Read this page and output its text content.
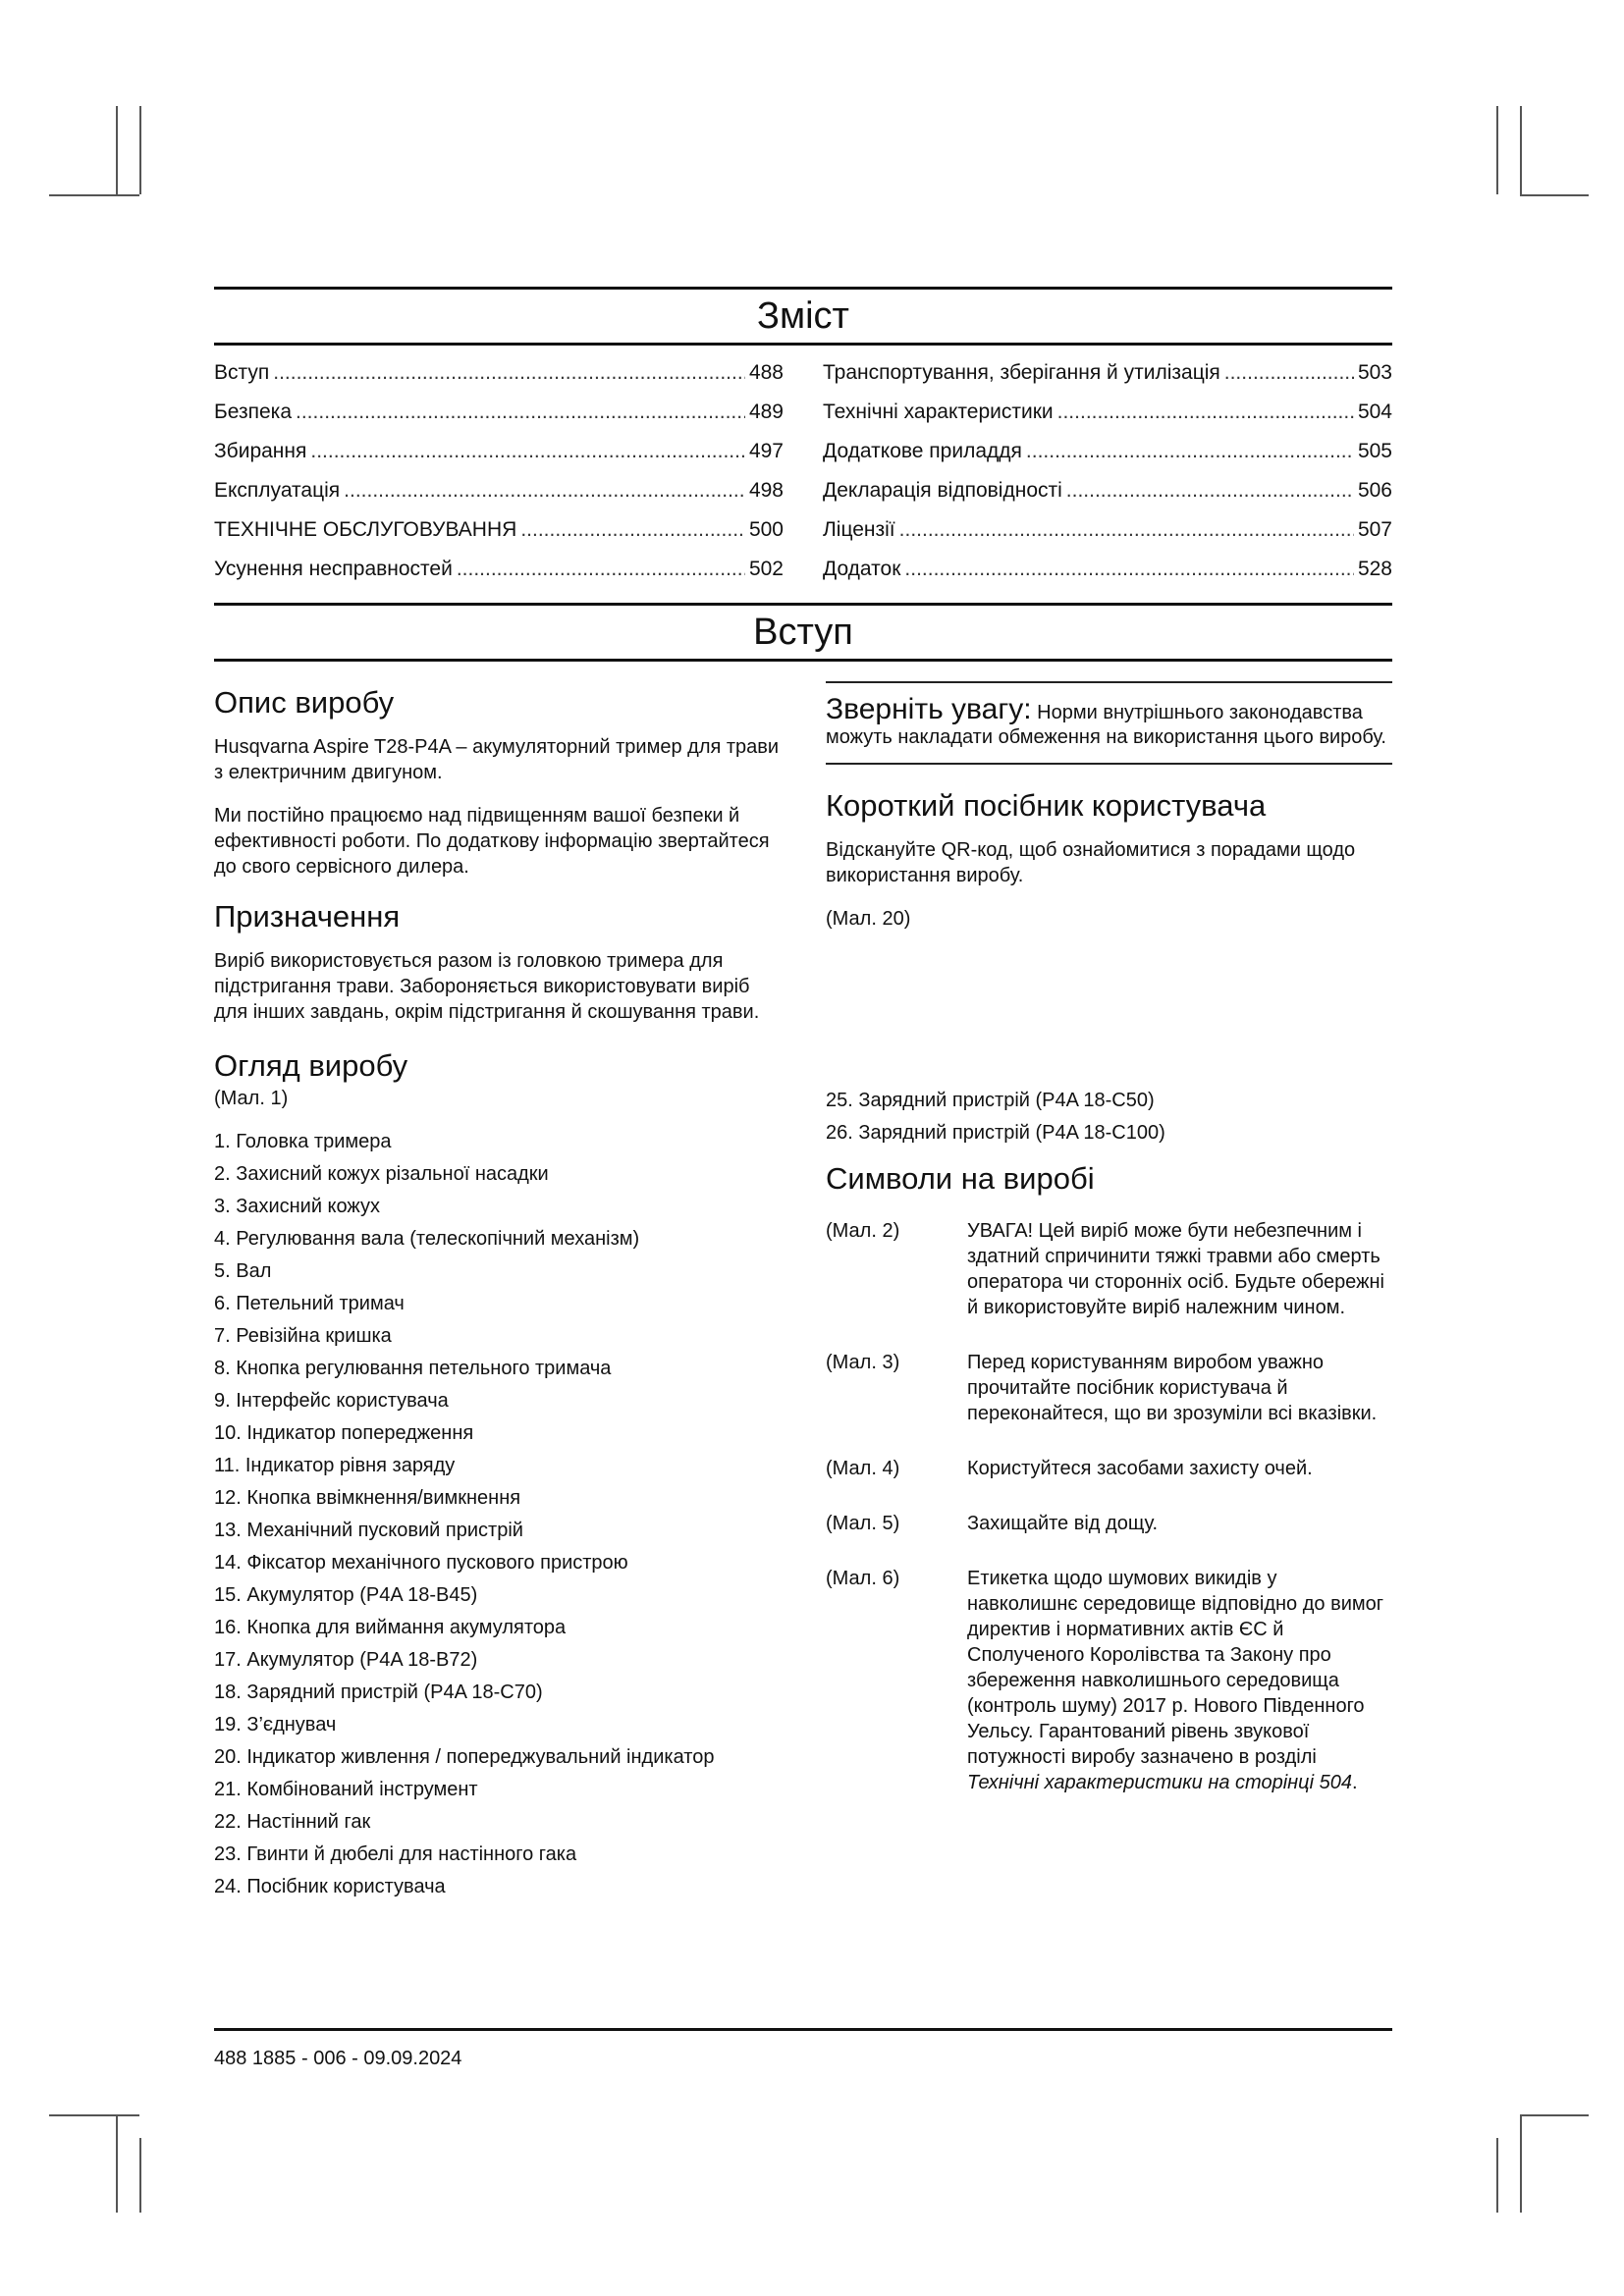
Зміст
Вступ .....	488
Безпека .....	489
Збирання .....	497
Експлуатація .....	498
ТЕХНІЧНЕ ОБСЛУГОВУВАННЯ .....	500
Усунення несправностей .....	502
Транспортування, зберігання й утилізація .....	503
Технічні характеристики .....	504
Додаткове приладдя .....	505
Декларація відповідності .....	506
Ліцензії .....	507
Додаток .....	528
Вступ
Опис виробу

Husqvarna Aspire T28-P4A – акумуляторний тример для трави з електричним двигуном.

Ми постійно працюємо над підвищенням вашої безпеки й ефективності роботи. По додаткову інформацію звертайтеся до свого сервісного дилера.

Призначення

Виріб використовується разом із головкою тримера для підстригання трави. Забороняється використовувати виріб для інших завдань, окрім підстригання й скошування трави.

Зверніть увагу: Норми внутрішнього законодавства можуть накладати обмеження на використання цього виробу.
Короткий посібник користувача

Відскануйте QR-код, щоб ознайомитися з порадами щодо використання виробу.

(Мал. 20)

Огляд виробу
(Мал. 1)
1. Головка тримера
2. Захисний кожух різальної насадки
3. Захисний кожух
4. Регулювання вала (телескопічний механізм)
5. Вал
6. Петельний тримач
7. Ревізійна кришка
8. Кнопка регулювання петельного тримача
9. Інтерфейс користувача
10. Індикатор попередження
11. Індикатор рівня заряду
12. Кнопка ввімкнення/вимкнення
13. Механічний пусковий пристрій
14. Фіксатор механічного пускового пристрою
15. Акумулятор (P4A 18-B45)
16. Кнопка для виймання акумулятора
17. Акумулятор (P4A 18-B72)
18. Зарядний пристрій (P4A 18-C70)
19. З’єднувач
20. Індикатор живлення / попереджувальний індикатор
21. Комбінований інструмент
22. Настінний гак
23. Гвинти й дюбелі для настінного гака
24. Посібник користувача
25. Зарядний пристрій (P4A 18-C50)
26. Зарядний пристрій (P4A 18-C100)
Символи на виробі
(Мал. 2)	УВАГА! Цей виріб може бути небезпечним і здатний спричинити тяжкі травми або смерть оператора чи сторонніх осіб. Будьте обережні й використовуйте виріб належним чином.
(Мал. 3)	Перед користуванням виробом уважно прочитайте посібник користувача й переконайтеся, що ви зрозуміли всі вказівки.
(Мал. 4)	Користуйтеся засобами захисту очей.
(Мал. 5)	Захищайте від дощу.
(Мал. 6)	Етикетка щодо шумових викидів у навколишнє середовище відповідно до вимог директив і нормативних актів ЄС й Сполученого Королівства та Закону про збереження навколишнього середовища (контроль шуму) 2017 р. Нового Південного Уельсу. Гарантований рівень звукової потужності виробу зазначено в розділі Технічні характеристики на сторінці 504.
488 1885 - 006 - 09.09.2024
